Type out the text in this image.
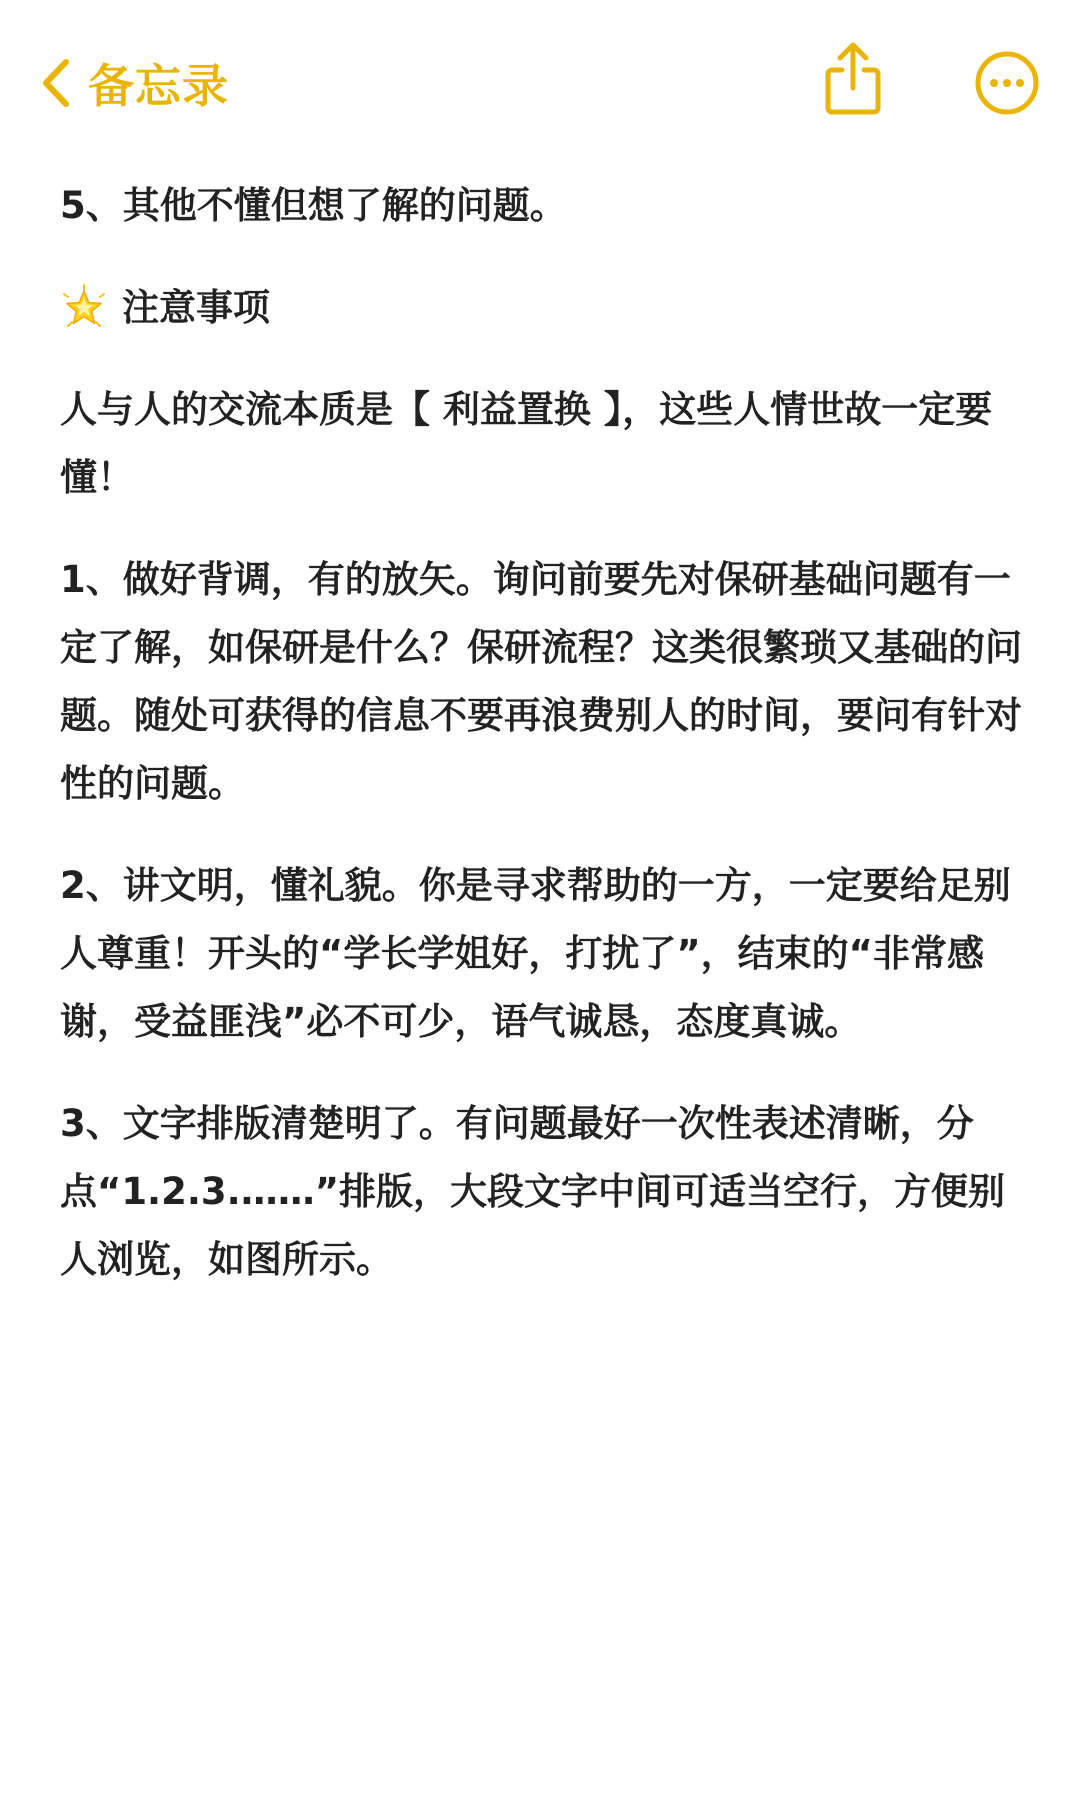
备忘录

5、其他不懂但想了解的问题。

注意事项

人与人的交流本质是【 利益置换 】，这些人情世故一定要懂！

1、做好背调，有的放矢。询问前要先对保研基础问题有一定了解，如保研是什么？保研流程？这类很繁琐又基础的问题。随处可获得的信息不要再浪费别人的时间，要问有针对性的问题。

2、讲文明，懂礼貌。你是寻求帮助的一方，一定要给足别人尊重！开头的“学长学姐好，打扰了”，结束的“非常感谢，受益匪浅”必不可少，语气诚恳，态度真诚。

3、文字排版清楚明了。有问题最好一次性表述清晰，分点“1.2.3.……”排版，大段文字中间可适当空行，方便别人浏览，如图所示。
